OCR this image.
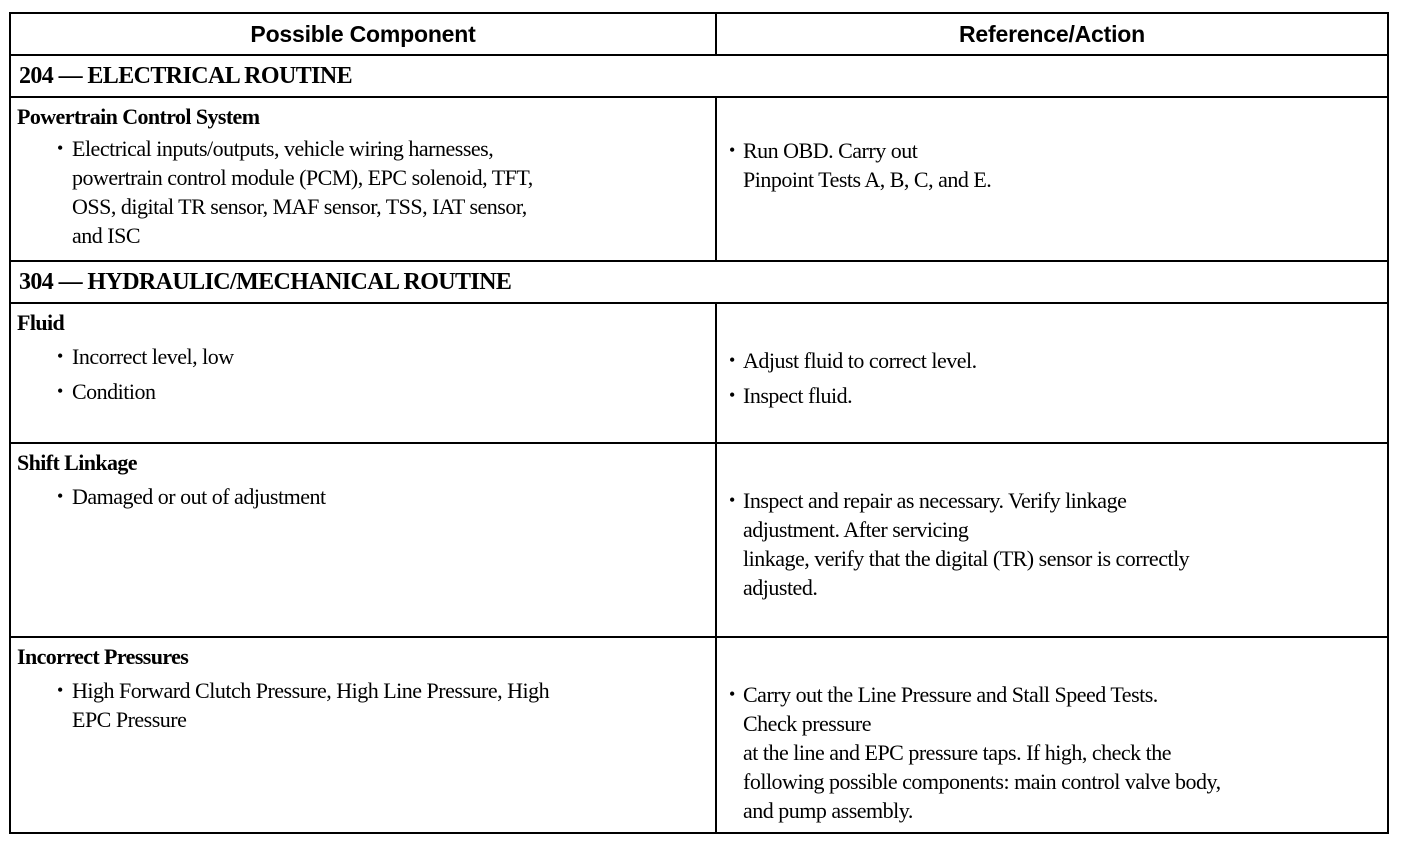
Possible Component	Reference/Action
204 — ELECTRICAL ROUTINE
Powertrain Control System
• Electrical inputs/outputs, vehicle wiring harnesses,
powertrain control module (PCM), EPC solenoid, TFT,
OSS, digital TR sensor, MAF sensor, TSS, IAT sensor,
and ISC
• Run OBD. Carry out
Pinpoint Tests A, B, C, and E.
304 — HYDRAULIC/MECHANICAL ROUTINE
Fluid
• Incorrect level, low
• Condition
• Adjust fluid to correct level.
• Inspect fluid.
Shift Linkage
• Damaged or out of adjustment	• Inspect and repair as necessary. Verify linkage
adjustment. After servicing
linkage, verify that the digital (TR) sensor is correctly
adjusted.
Incorrect Pressures
• High Forward Clutch Pressure, High Line Pressure, High
EPC Pressure
• Carry out the Line Pressure and Stall Speed Tests.
Check pressure
at the line and EPC pressure taps. If high, check the
following possible components: main control valve body,
and pump assembly.
